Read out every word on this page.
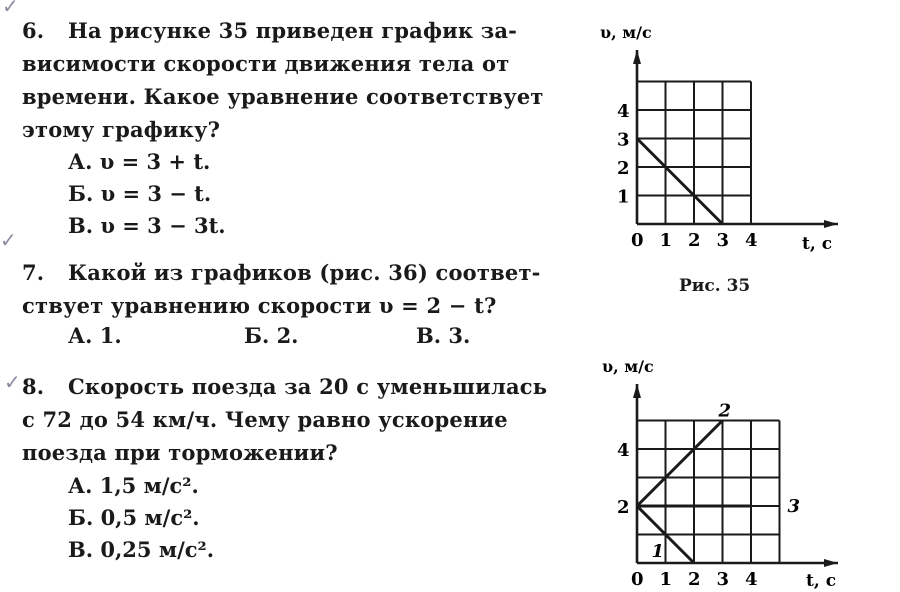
✓
✓
✓
6. На рисунке 35 приведен график за-
висимости скорости движения тела от
времени. Какое уравнение соответствует
этому графику?
А. υ = 3 + t.
Б. υ = 3 − t.
В. υ = 3 − 3t.
7. Какой из графиков (рис. 36) соответ-
ствует уравнению скорости υ = 2 − t?
А. 1.	Б. 2.	В. 3.
8. Скорость поезда за 20 с уменьшилась
с 72 до 54 км/ч. Чему равно ускорение
поезда при торможении?
А. 1,5 м/с².
Б. 0,5 м/с².
В. 0,25 м/с².
υ, м/с
t, с
0 1 2 3 4
1
2
3
4
Рис. 35
υ, м/с
t, с
0 1 2 3 4
2
4
1
2
3
